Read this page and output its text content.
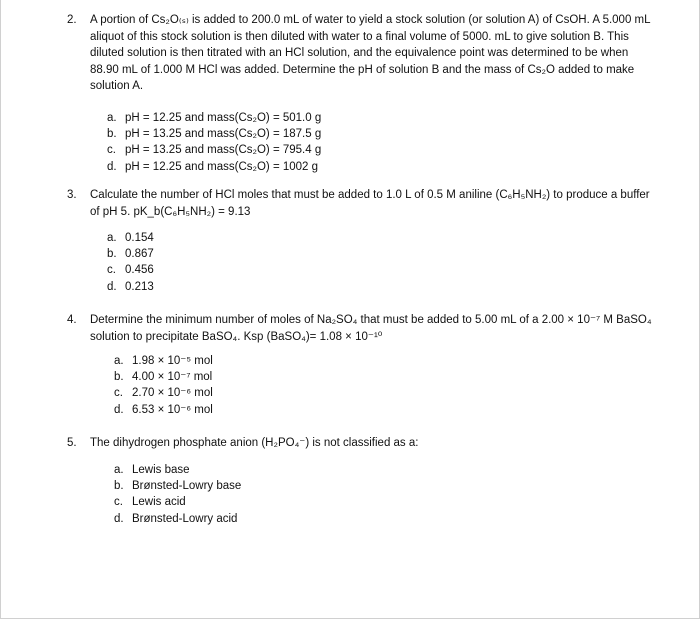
2. A portion of Cs₂O₍ₛ₎ is added to 200.0 mL of water to yield a stock solution (or solution A) of CsOH. A 5.000 mL
aliquot of this stock solution is then diluted with water to a final volume of 5000. mL to give solution B. This
diluted solution is then titrated with an HCl solution, and the equivalence point was determined to be when
88.90 mL of 1.000 M HCl was added. Determine the pH of solution B and the mass of Cs₂O added to make
solution A.
a. pH = 12.25 and mass(Cs₂O) = 501.0 g
b. pH = 13.25 and mass(Cs₂O) = 187.5 g
c. pH = 13.25 and mass(Cs₂O) = 795.4 g
d. pH = 12.25 and mass(Cs₂O) = 1002 g
3. Calculate the number of HCl moles that must be added to 1.0 L of 0.5 M aniline (C₆H₅NH₂) to produce a buffer
of pH 5. pK_b(C₆H₅NH₂) = 9.13
a. 0.154
b. 0.867
c. 0.456
d. 0.213
4. Determine the minimum number of moles of Na₂SO₄ that must be added to 5.00 mL of a 2.00 × 10⁻⁷ M BaSO₄
solution to precipitate BaSO₄. Ksp (BaSO₄)= 1.08 × 10⁻¹⁰
a. 1.98 × 10⁻⁵ mol
b. 4.00 × 10⁻⁷ mol
c. 2.70 × 10⁻⁶ mol
d. 6.53 × 10⁻⁶ mol
5. The dihydrogen phosphate anion (H₂PO₄⁻) is not classified as a:
a. Lewis base
b. Brønsted-Lowry base
c. Lewis acid
d. Brønsted-Lowry acid
